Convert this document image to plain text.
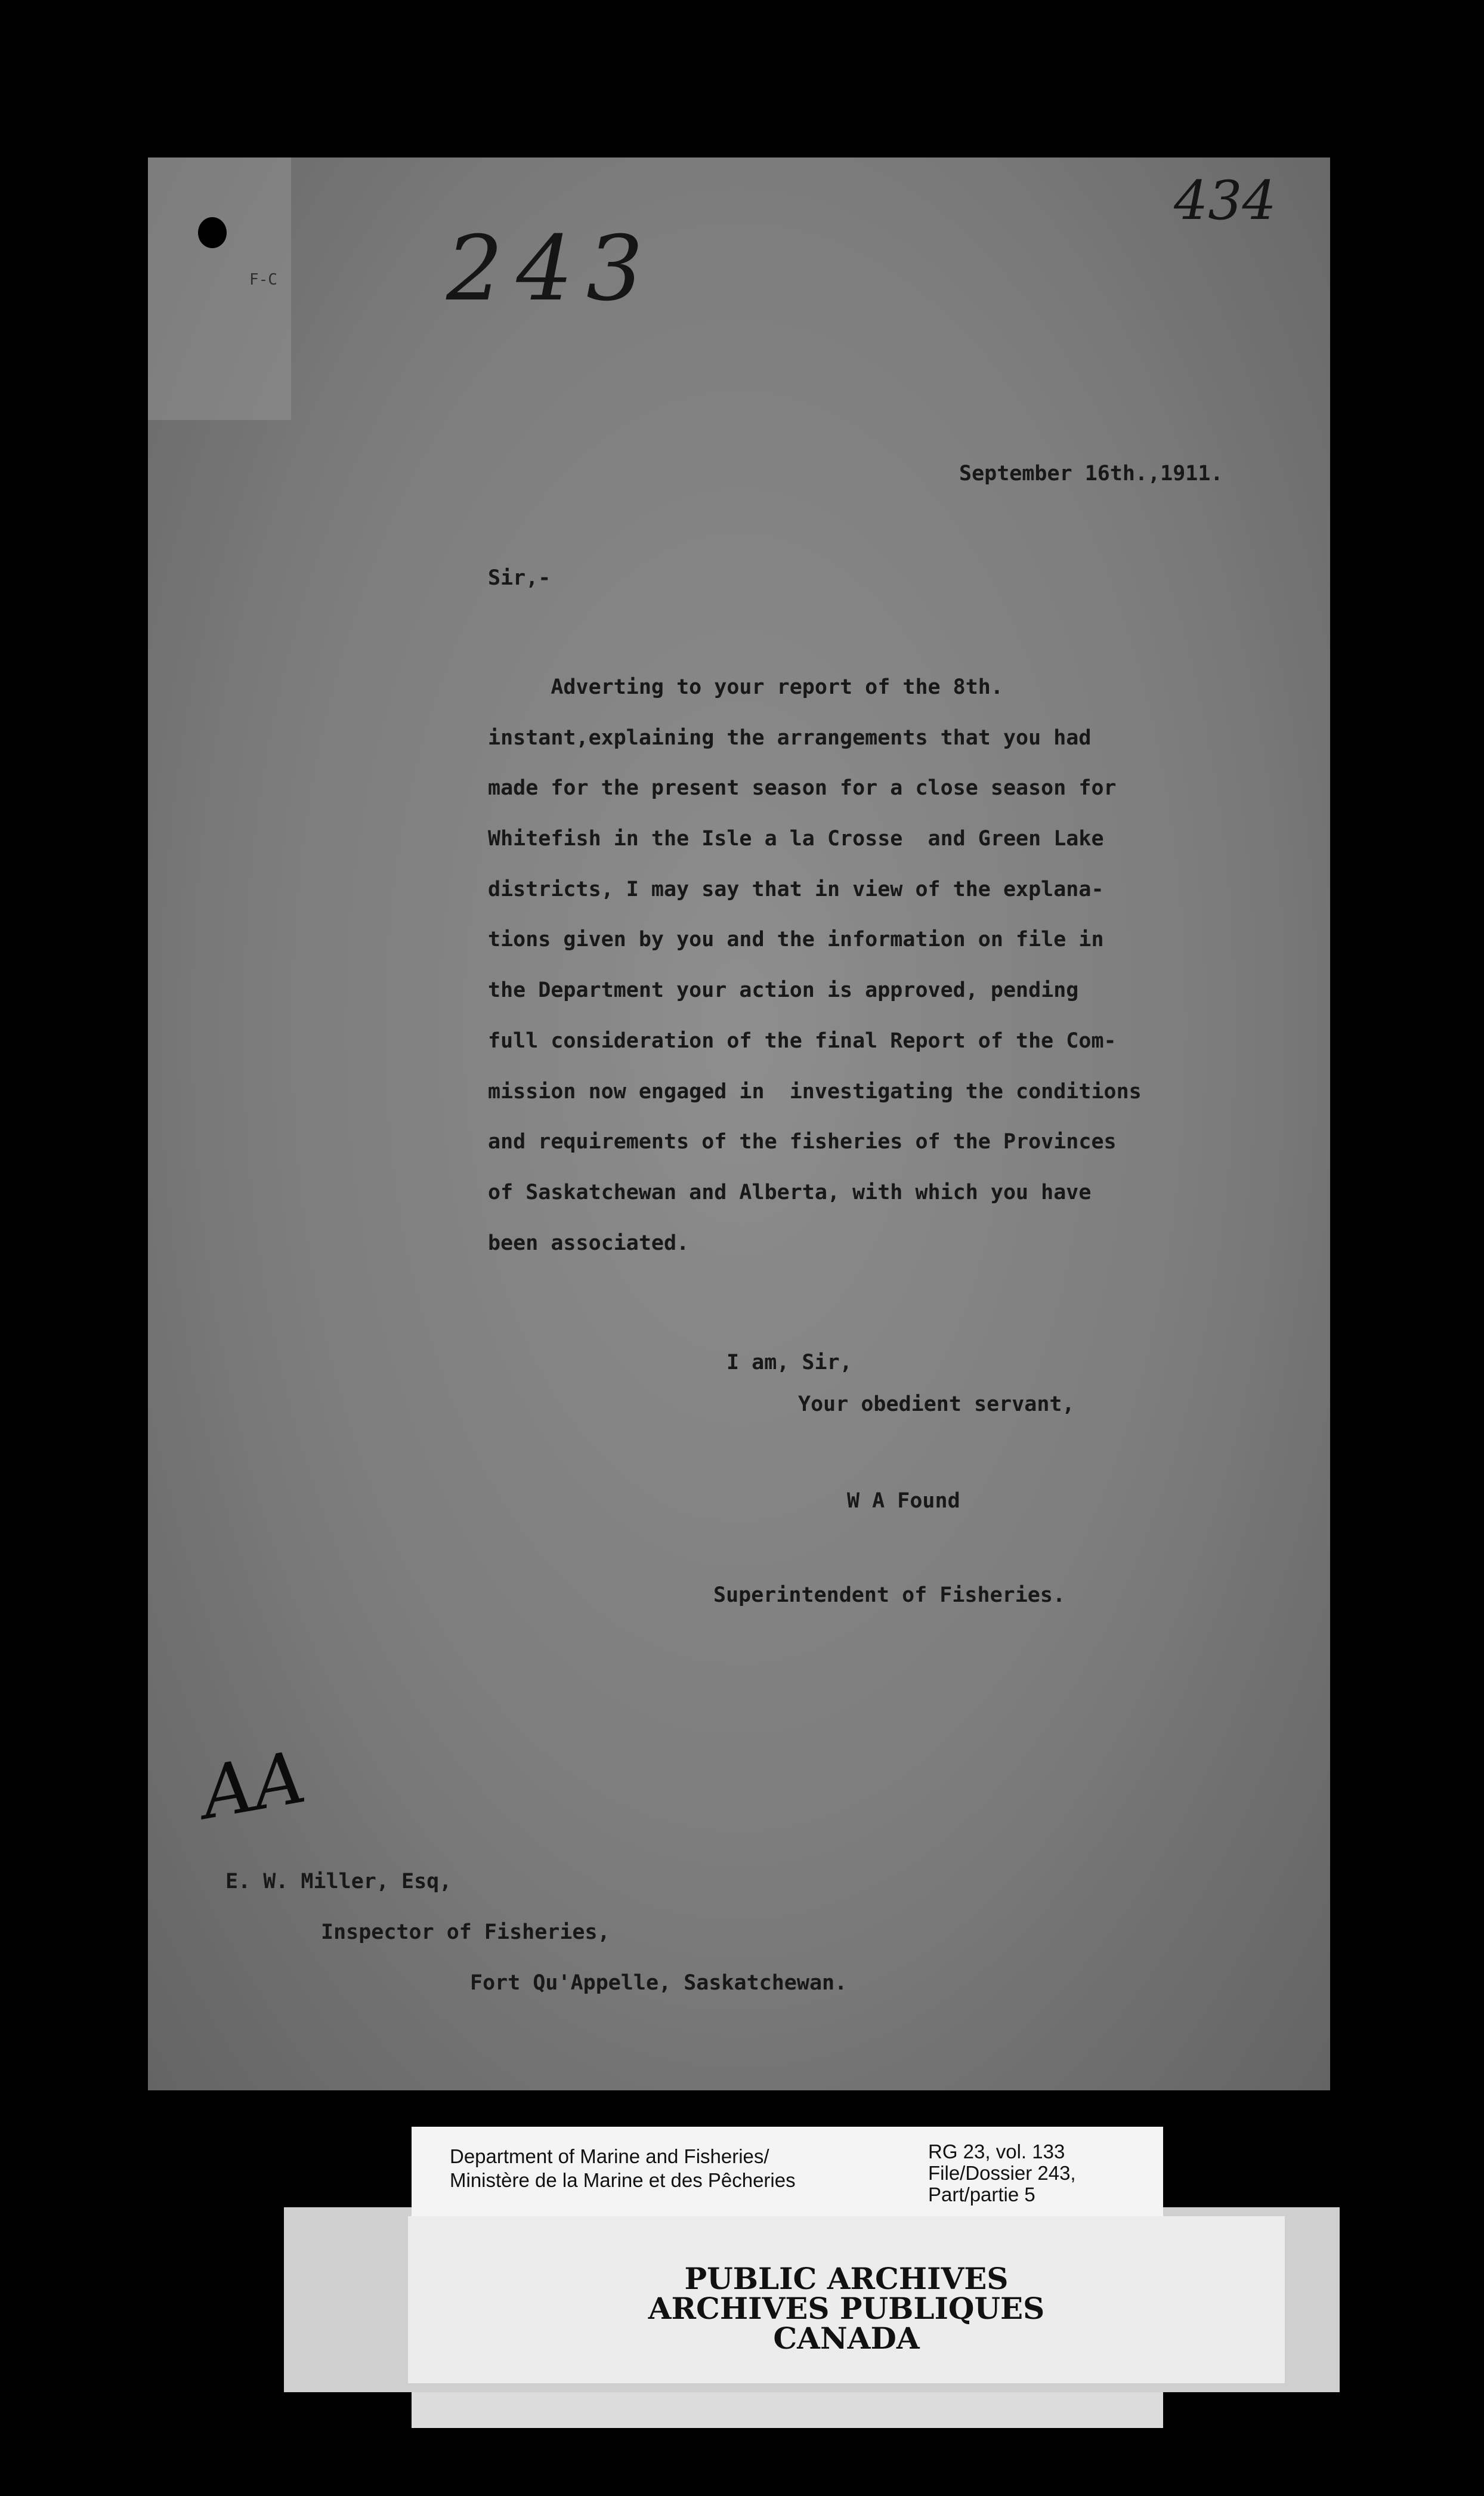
F-C 243
434
September 16th.,1911.
Sir,-
Adverting to your report of the 8th.
instant,explaining the arrangements that you had
made for the present season for a close season for
Whitefish in the Isle a la Crosse  and Green Lake
districts, I may say that in view of the explana-
tions given by you and the information on file in
the Department your action is approved, pending
full consideration of the final Report of the Com-
mission now engaged in  investigating the conditions
and requirements of the fisheries of the Provinces
of Saskatchewan and Alberta, with which you have
been associated.
I am, Sir,
Your obedient servant,
W A Found
Superintendent of Fisheries.
AA
E. W. Miller, Esq,
Inspector of Fisheries,
Fort Qu'Appelle, Saskatchewan.
PUBLIC ARCHIVES
ARCHIVES PUBLIQUES
CANADA
Department of Marine and Fisheries/
Ministère de la Marine et des Pêcheries
RG 23, vol. 133
File/Dossier 243,
Part/partie 5
